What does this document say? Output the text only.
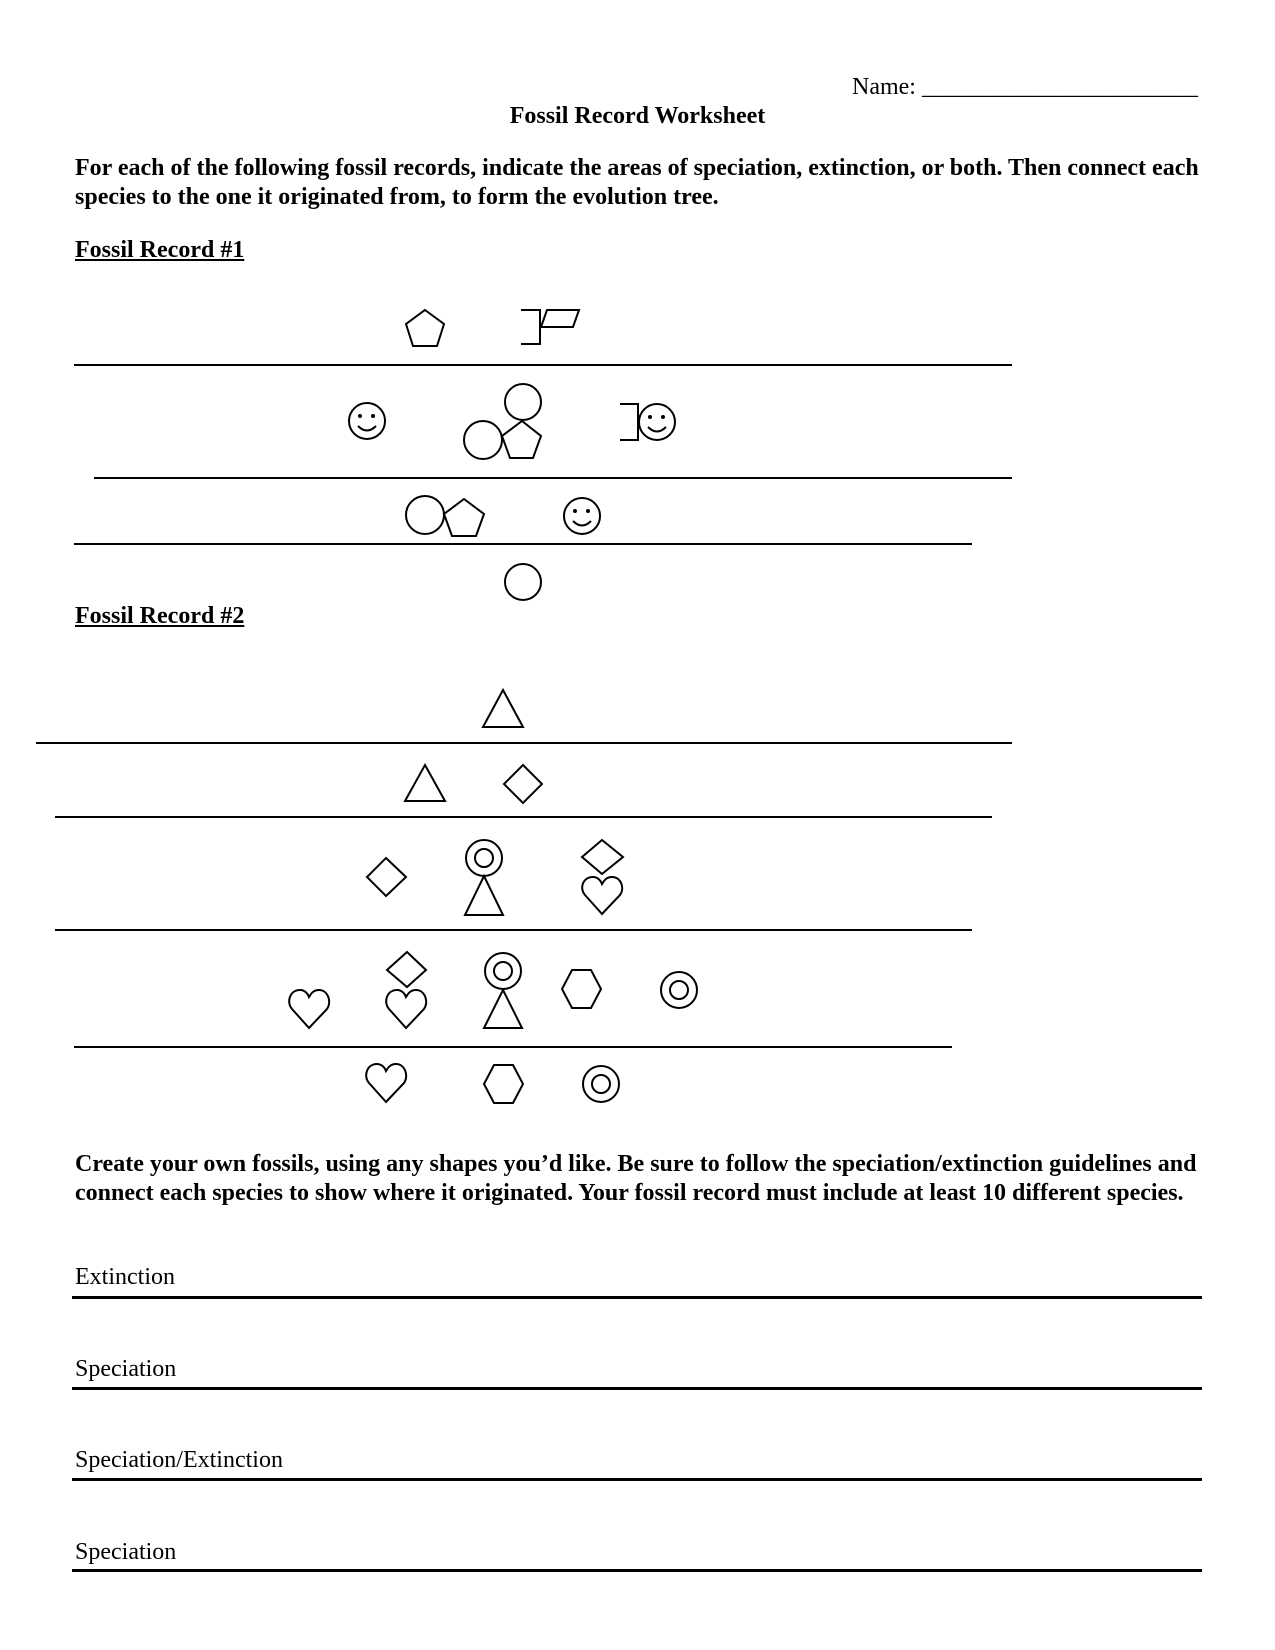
Name: _______________________
Fossil Record Worksheet
For each of the following fossil records, indicate the areas of speciation, extinction, or both. Then connect each species to the one it originated from, to form the evolution tree.
Fossil Record #1
Fossil Record #2
Create your own fossils, using any shapes you’d like. Be sure to follow the speciation/extinction guidelines and connect each species to show where it originated. Your fossil record must include at least 10 different species.
Extinction
Speciation
Speciation/Extinction
Speciation
